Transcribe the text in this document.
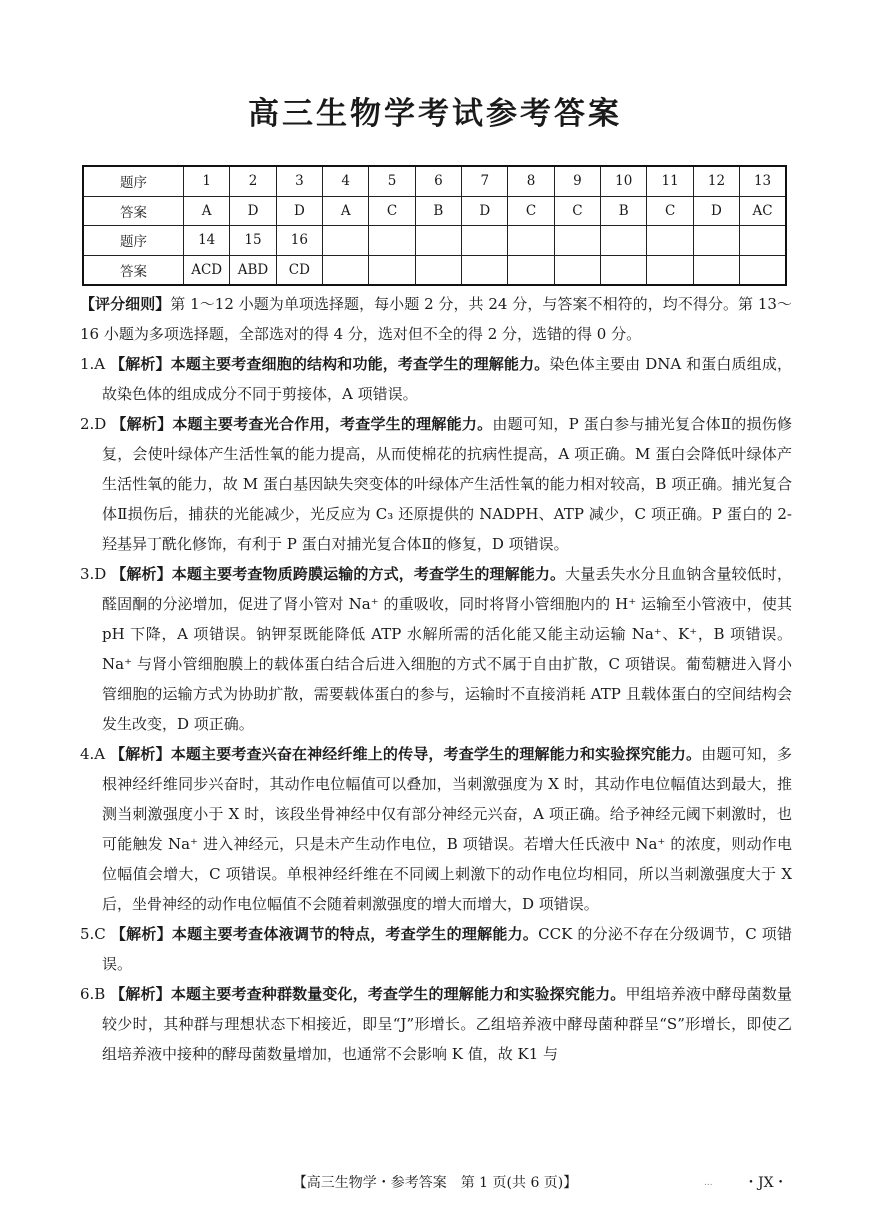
高三生物学考试参考答案
题序	1	2	3	4	5	6	7	8	9	10	11	12	13
答案	A	D	D	A	C	B	D	C	C	B	C	D	AC
题序	14	15	16										
答案	ACD	ABD	CD										
【评分细则】第 1～12 小题为单项选择题，每小题 2 分，共 24 分，与答案不相符的，均不得分。第 13～16 小题为多项选择题，全部选对的得 4 分，选对但不全的得 2 分，选错的得 0 分。
1.A 【解析】本题主要考查细胞的结构和功能，考查学生的理解能力。染色体主要由 DNA 和蛋白质组成，故染色体的组成成分不同于剪接体，A 项错误。
2.D 【解析】本题主要考查光合作用，考查学生的理解能力。由题可知，P 蛋白参与捕光复合体Ⅱ的损伤修复，会使叶绿体产生活性氧的能力提高，从而使棉花的抗病性提高，A 项正确。M 蛋白会降低叶绿体产生活性氧的能力，故 M 蛋白基因缺失突变体的叶绿体产生活性氧的能力相对较高，B 项正确。捕光复合体Ⅱ损伤后，捕获的光能减少，光反应为 C₃ 还原提供的 NADPH、ATP 减少，C 项正确。P 蛋白的 2-羟基异丁酰化修饰，有利于 P 蛋白对捕光复合体Ⅱ的修复，D 项错误。
3.D 【解析】本题主要考查物质跨膜运输的方式，考查学生的理解能力。大量丢失水分且血钠含量较低时，醛固酮的分泌增加，促进了肾小管对 Na⁺ 的重吸收，同时将肾小管细胞内的 H⁺ 运输至小管液中，使其 pH 下降，A 项错误。钠钾泵既能降低 ATP 水解所需的活化能又能主动运输 Na⁺、K⁺，B 项错误。Na⁺ 与肾小管细胞膜上的载体蛋白结合后进入细胞的方式不属于自由扩散，C 项错误。葡萄糖进入肾小管细胞的运输方式为协助扩散，需要载体蛋白的参与，运输时不直接消耗 ATP 且载体蛋白的空间结构会发生改变，D 项正确。
4.A 【解析】本题主要考查兴奋在神经纤维上的传导，考查学生的理解能力和实验探究能力。由题可知，多根神经纤维同步兴奋时，其动作电位幅值可以叠加，当刺激强度为 X 时，其动作电位幅值达到最大，推测当刺激强度小于 X 时，该段坐骨神经中仅有部分神经元兴奋，A 项正确。给予神经元阈下刺激时，也可能触发 Na⁺ 进入神经元，只是未产生动作电位，B 项错误。若增大任氏液中 Na⁺ 的浓度，则动作电位幅值会增大，C 项错误。单根神经纤维在不同阈上刺激下的动作电位均相同，所以当刺激强度大于 X 后，坐骨神经的动作电位幅值不会随着刺激强度的增大而增大，D 项错误。
5.C 【解析】本题主要考查体液调节的特点，考查学生的理解能力。CCK 的分泌不存在分级调节，C 项错误。
6.B 【解析】本题主要考查种群数量变化，考查学生的理解能力和实验探究能力。甲组培养液中酵母菌数量较少时，其种群与理想状态下相接近，即呈“J”形增长。乙组培养液中酵母菌种群呈“S”形增长，即使乙组培养液中接种的酵母菌数量增加，也通常不会影响 K 值，故 K1 与
【高三生物学・参考答案　第 1 页(共 6 页)】	... ・JX・
